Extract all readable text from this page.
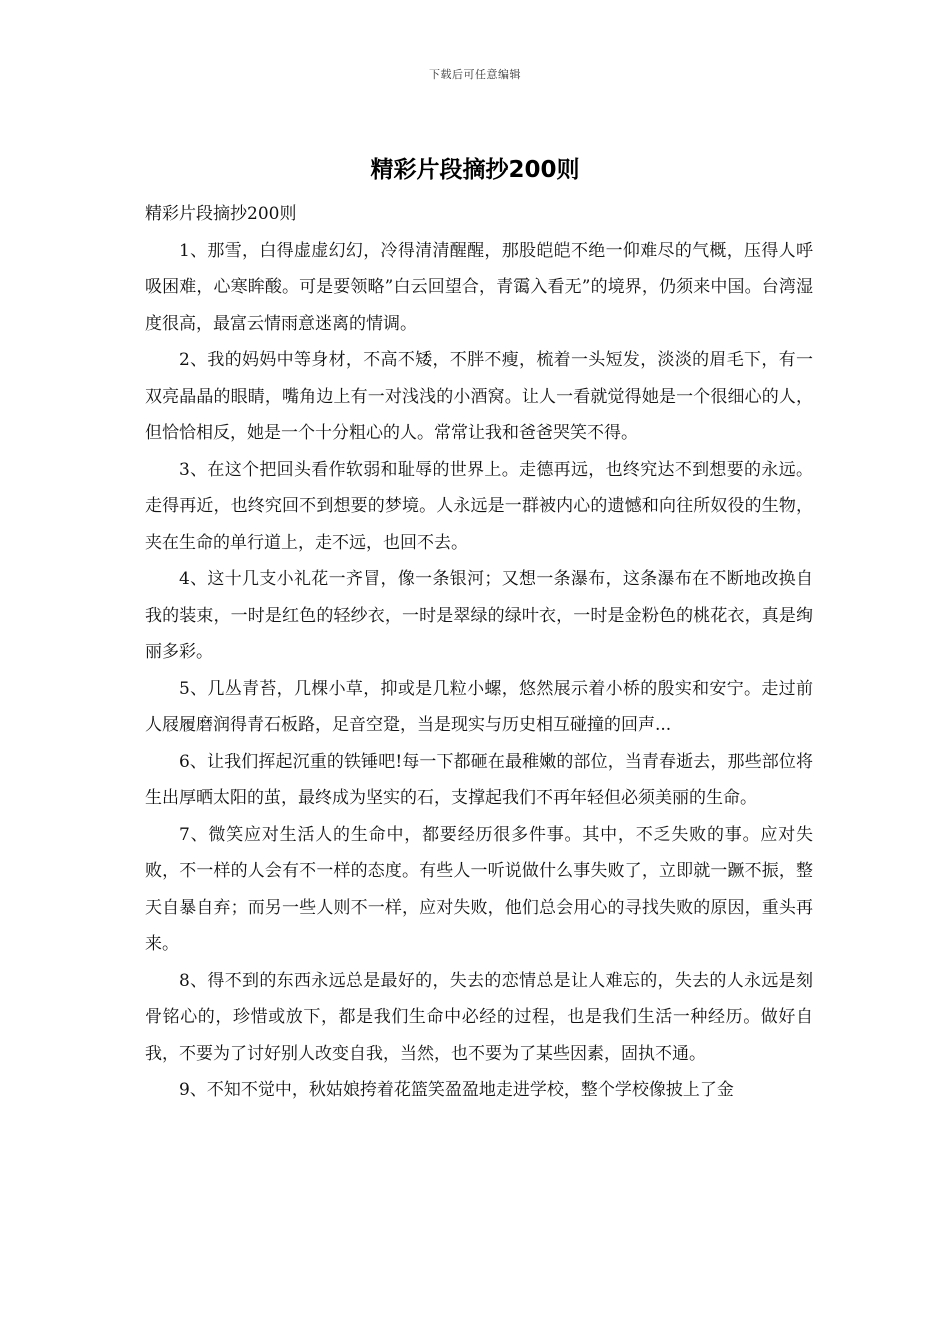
下载后可任意编辑
精彩片段摘抄200则

精彩片段摘抄200则

1、那雪，白得虚虚幻幻，冷得清清醒醒，那股皑皑不绝一仰难尽的气概，压得人呼吸困难，心寒眸酸。可是要领略”白云回望合，青霭入看无”的境界，仍须来中国。台湾湿度很高，最富云情雨意迷离的情调。

2、我的妈妈中等身材，不高不矮，不胖不瘦，梳着一头短发，淡淡的眉毛下，有一双亮晶晶的眼睛，嘴角边上有一对浅浅的小酒窝。让人一看就觉得她是一个很细心的人，但恰恰相反，她是一个十分粗心的人。常常让我和爸爸哭笑不得。

3、在这个把回头看作软弱和耻辱的世界上。走德再远，也终究达不到想要的永远。走得再近，也终究回不到想要的梦境。人永远是一群被内心的遗憾和向往所奴役的生物，夹在生命的单行道上，走不远，也回不去。

4、这十几支小礼花一齐冒，像一条银河；又想一条瀑布，这条瀑布在不断地改换自我的装束，一时是红色的轻纱衣，一时是翠绿的绿叶衣，一时是金粉色的桃花衣，真是绚丽多彩。

5、几丛青苔，几棵小草，抑或是几粒小螺，悠然展示着小桥的殷实和安宁。走过前人屐履磨润得青石板路，足音空跫，当是现实与历史相互碰撞的回声...

6、让我们挥起沉重的铁锤吧!每一下都砸在最稚嫩的部位，当青春逝去，那些部位将生出厚晒太阳的茧，最终成为坚实的石，支撑起我们不再年轻但必须美丽的生命。

7、微笑应对生活人的生命中，都要经历很多件事。其中，不乏失败的事。应对失败，不一样的人会有不一样的态度。有些人一听说做什么事失败了，立即就一蹶不振，整天自暴自弃；而另一些人则不一样，应对失败，他们总会用心的寻找失败的原因，重头再来。

8、得不到的东西永远总是最好的，失去的恋情总是让人难忘的，失去的人永远是刻骨铭心的，珍惜或放下，都是我们生命中必经的过程，也是我们生活一种经历。做好自我，不要为了讨好别人改变自我，当然，也不要为了某些因素，固执不通。

9、不知不觉中，秋姑娘挎着花篮笑盈盈地走进学校，整个学校像披上了金
